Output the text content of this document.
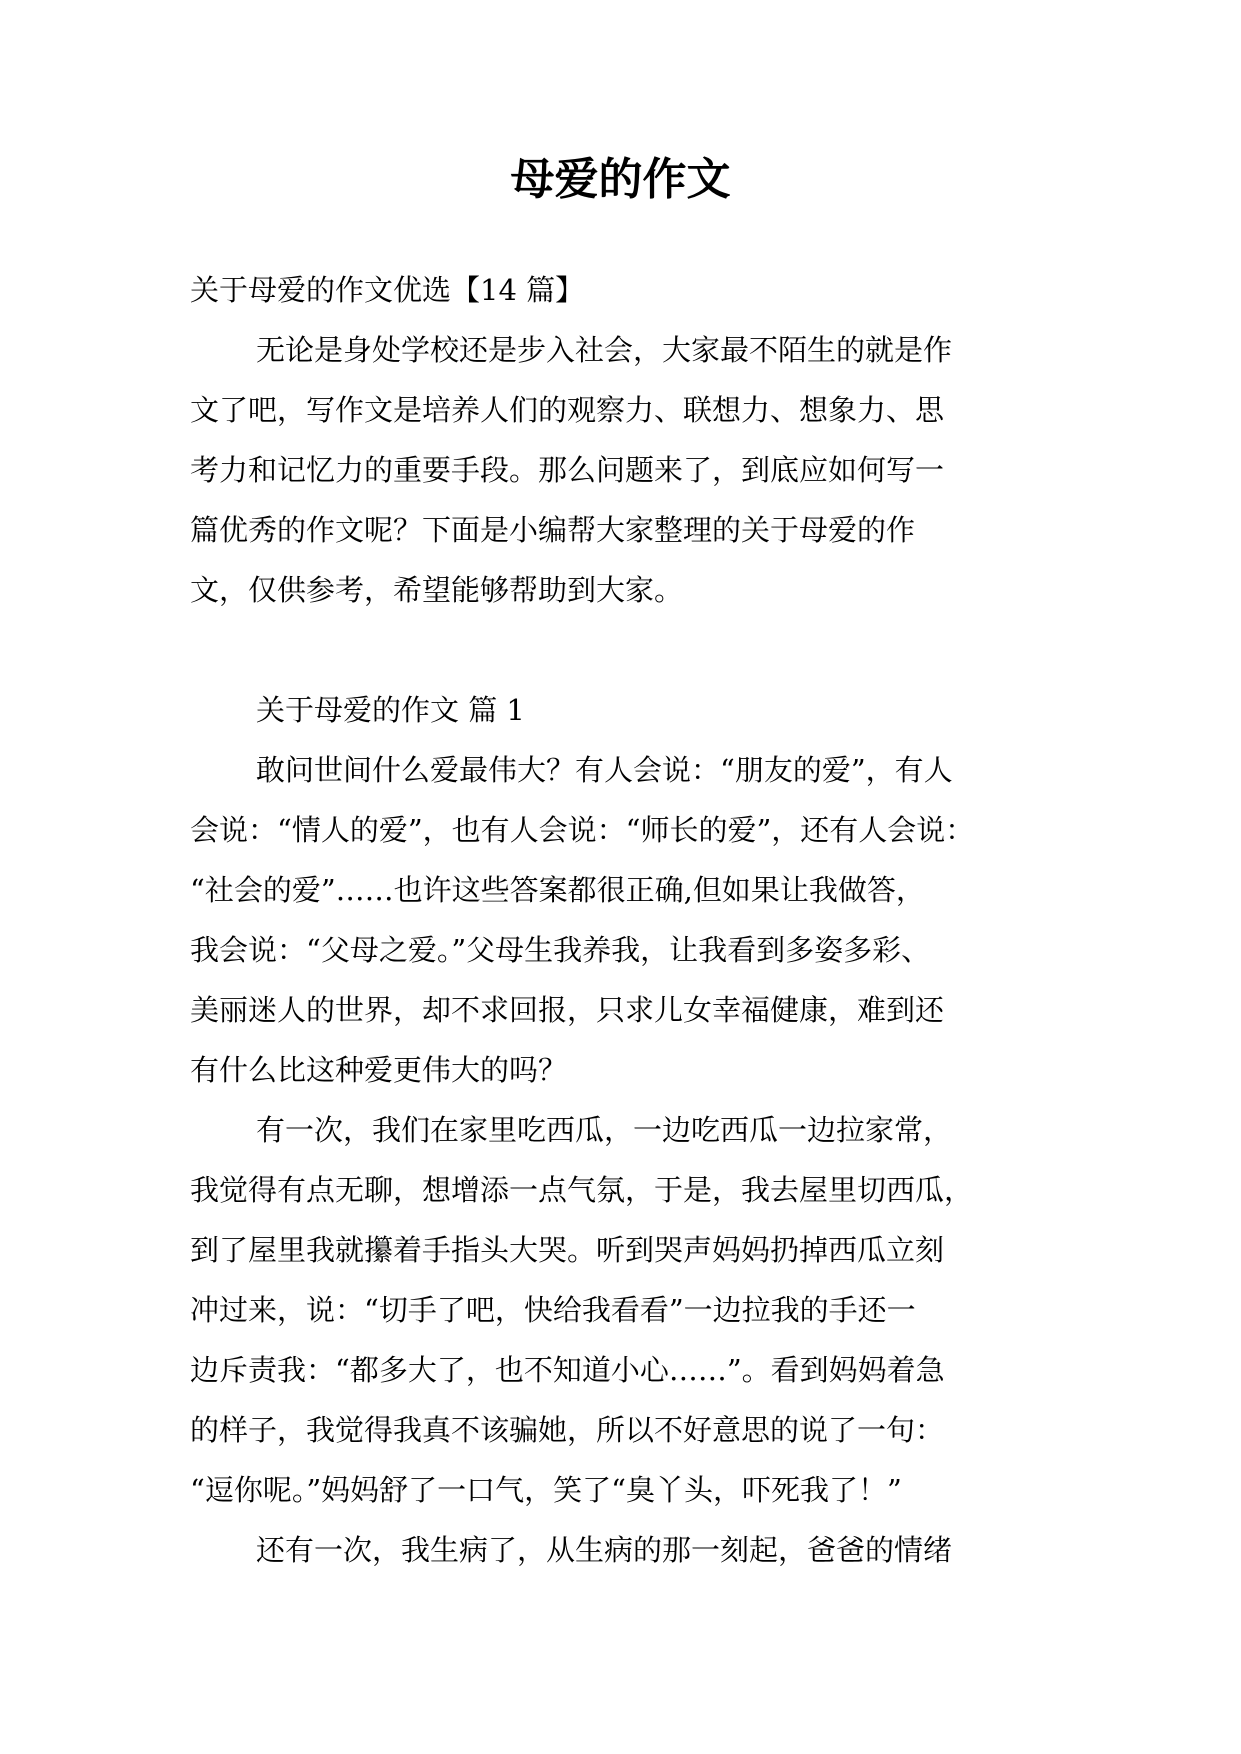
母爱的作文
关于母爱的作文优选【14 篇】
无论是身处学校还是步入社会，大家最不陌生的就是作
文了吧，写作文是培养人们的观察力、联想力、想象力、思
考力和记忆力的重要手段。那么问题来了，到底应如何写一
篇优秀的作文呢？下面是小编帮大家整理的关于母爱的作
文，仅供参考，希望能够帮助到大家。
关于母爱的作文 篇 1
敢问世间什么爱最伟大？有人会说：“朋友的爱”，有人
会说：“情人的爱”，也有人会说：“师长的爱”，还有人会说：
“社会的爱”……也许这些答案都很正确,但如果让我做答，
我会说：“父母之爱。”父母生我养我，让我看到多姿多彩、
美丽迷人的世界，却不求回报，只求儿女幸福健康，难到还
有什么比这种爱更伟大的吗？
有一次，我们在家里吃西瓜，一边吃西瓜一边拉家常，
我觉得有点无聊，想增添一点气氛，于是，我去屋里切西瓜，
到了屋里我就攥着手指头大哭。听到哭声妈妈扔掉西瓜立刻
冲过来，说：“切手了吧，快给我看看”一边拉我的手还一
边斥责我：“都多大了，也不知道小心……”。看到妈妈着急
的样子，我觉得我真不该骗她，所以不好意思的说了一句：
“逗你呢。”妈妈舒了一口气，笑了“臭丫头，吓死我了！”
还有一次，我生病了，从生病的那一刻起，爸爸的情绪
